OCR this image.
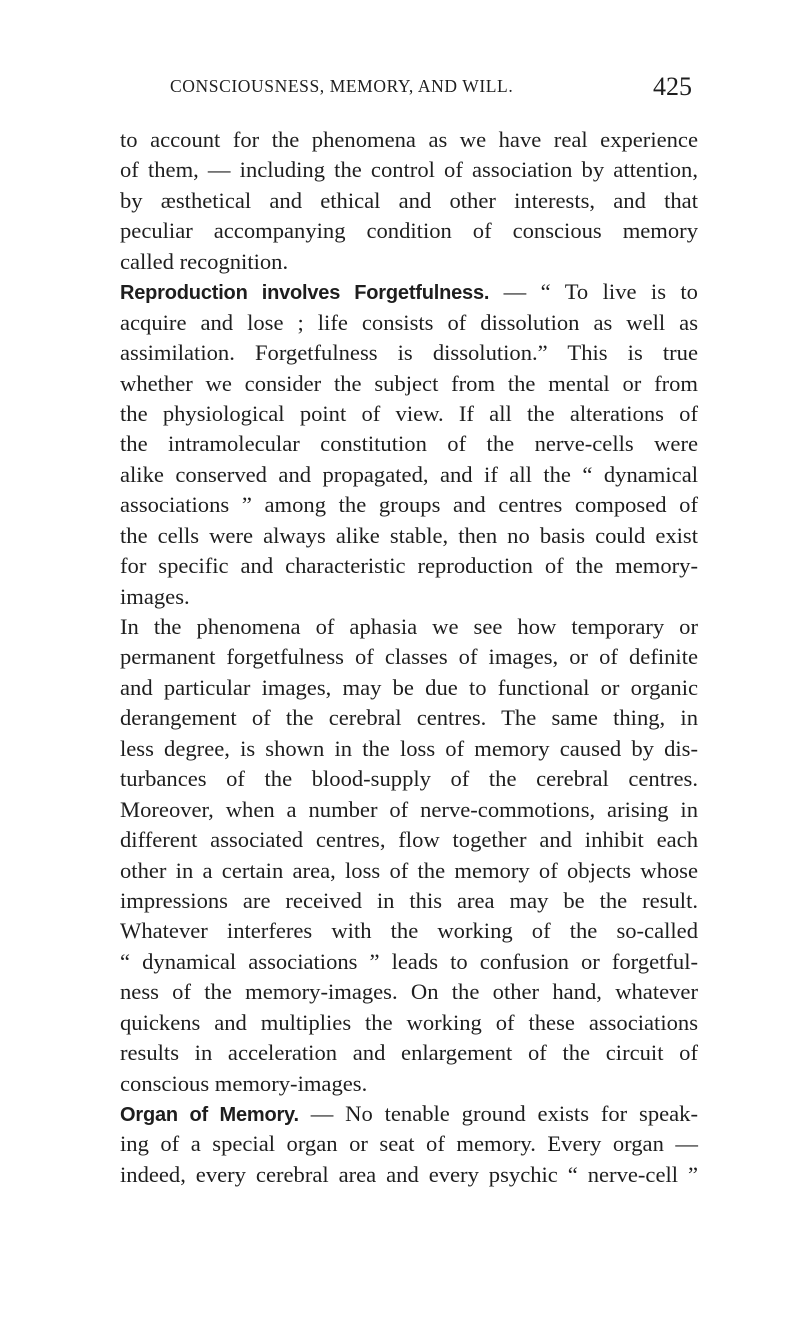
CONSCIOUSNESS, MEMORY, AND WILL.	425
to account for the phenomena as we have real experience
of them, — including the control of association by attention,
by æsthetical and ethical and other interests, and that
peculiar accompanying condition of conscious memory
called recognition.
Reproduction involves Forgetfulness. — “ To live is to
acquire and lose ; life consists of dissolution as well as
assimilation. Forgetfulness is dissolution.” This is true
whether we consider the subject from the mental or from
the physiological point of view. If all the alterations of
the intramolecular constitution of the nerve-cells were
alike conserved and propagated, and if all the “ dynamical
associations ” among the groups and centres composed of
the cells were always alike stable, then no basis could exist
for specific and characteristic reproduction of the memory-
images.
In the phenomena of aphasia we see how temporary or
permanent forgetfulness of classes of images, or of definite
and particular images, may be due to functional or organic
derangement of the cerebral centres. The same thing, in
less degree, is shown in the loss of memory caused by dis-
turbances of the blood-supply of the cerebral centres.
Moreover, when a number of nerve-commotions, arising in
different associated centres, flow together and inhibit each
other in a certain area, loss of the memory of objects whose
impressions are received in this area may be the result.
Whatever interferes with the working of the so-called
“ dynamical associations ” leads to confusion or forgetful-
ness of the memory-images. On the other hand, whatever
quickens and multiplies the working of these associations
results in acceleration and enlargement of the circuit of
conscious memory-images.
Organ of Memory. — No tenable ground exists for speak-
ing of a special organ or seat of memory. Every organ —
indeed, every cerebral area and every psychic “ nerve-cell ”
